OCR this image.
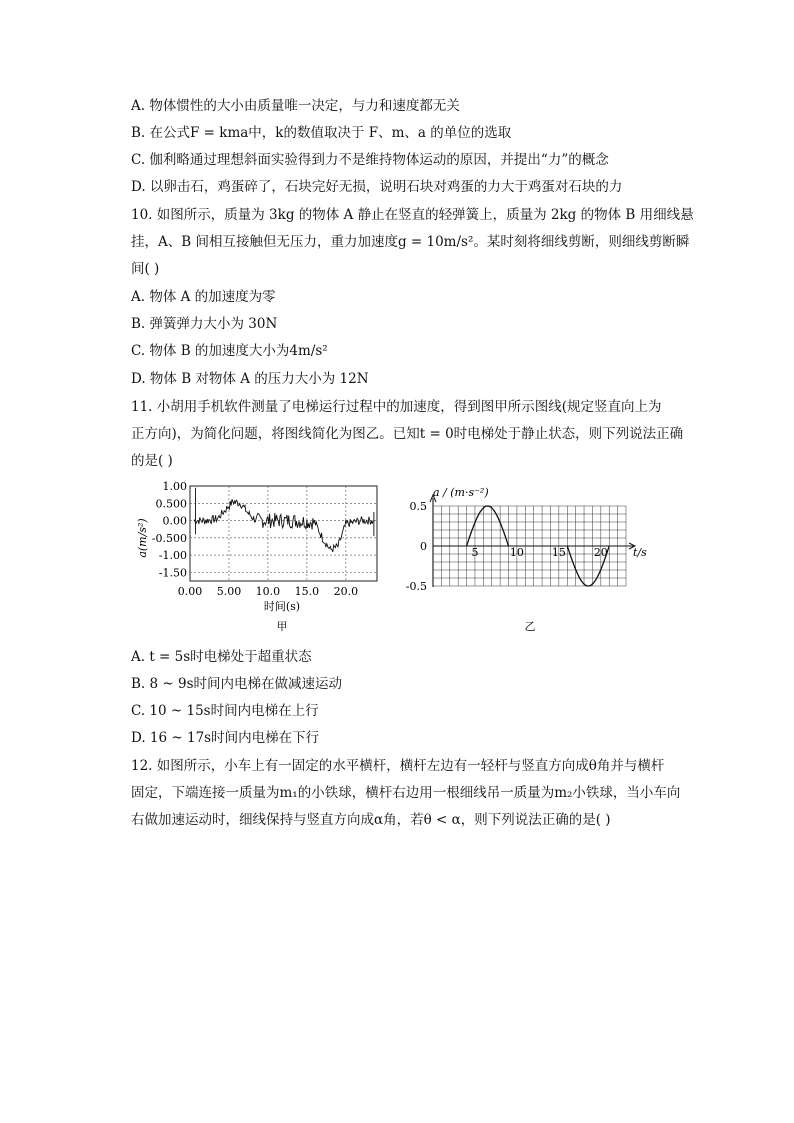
A. 物体惯性的大小由质量唯一决定，与力和速度都无关
B. 在公式F = kma中，k的数值取决于 F、m、a 的单位的选取
C. 伽利略通过理想斜面实验得到力不是维持物体运动的原因，并提出“力”的概念
D. 以卵击石，鸡蛋碎了，石块完好无损，说明石块对鸡蛋的力大于鸡蛋对石块的力
10. 如图所示，质量为 3kg 的物体 A 静止在竖直的轻弹簧上，质量为 2kg 的物体 B 用细线悬
挂，A、B 间相互接触但无压力，重力加速度g = 10m/s²。某时刻将细线剪断，则细线剪断瞬
间( )
A. 物体 A 的加速度为零
B. 弹簧弹力大小为 30N
C. 物体 B 的加速度大小为4m/s²
D. 物体 B 对物体 A 的压力大小为 12N
11. 小胡用手机软件测量了电梯运行过程中的加速度，得到图甲所示图线(规定竖直向上为
正方向)，为简化问题，将图线简化为图乙。已知t = 0时电梯处于静止状态，则下列说法正确
的是( )
1.00
0.500
0.00
-0.500
-1.00
-1.50
0.00 5.00 10.0 15.0 20.0
a(m/s²)
时间(s)
甲
0.5
0
-0.5
5	10	15	20
a / (m·s⁻²)
t/s
乙
A. t = 5s时电梯处于超重状态
B. 8 ~ 9s时间内电梯在做减速运动
C. 10 ~ 15s时间内电梯在上行
D. 16 ~ 17s时间内电梯在下行
12. 如图所示，小车上有一固定的水平横杆，横杆左边有一轻杆与竖直方向成θ角并与横杆
固定，下端连接一质量为m₁的小铁球，横杆右边用一根细线吊一质量为m₂小铁球，当小车向
右做加速运动时，细线保持与竖直方向成α角，若θ < α，则下列说法正确的是( )
